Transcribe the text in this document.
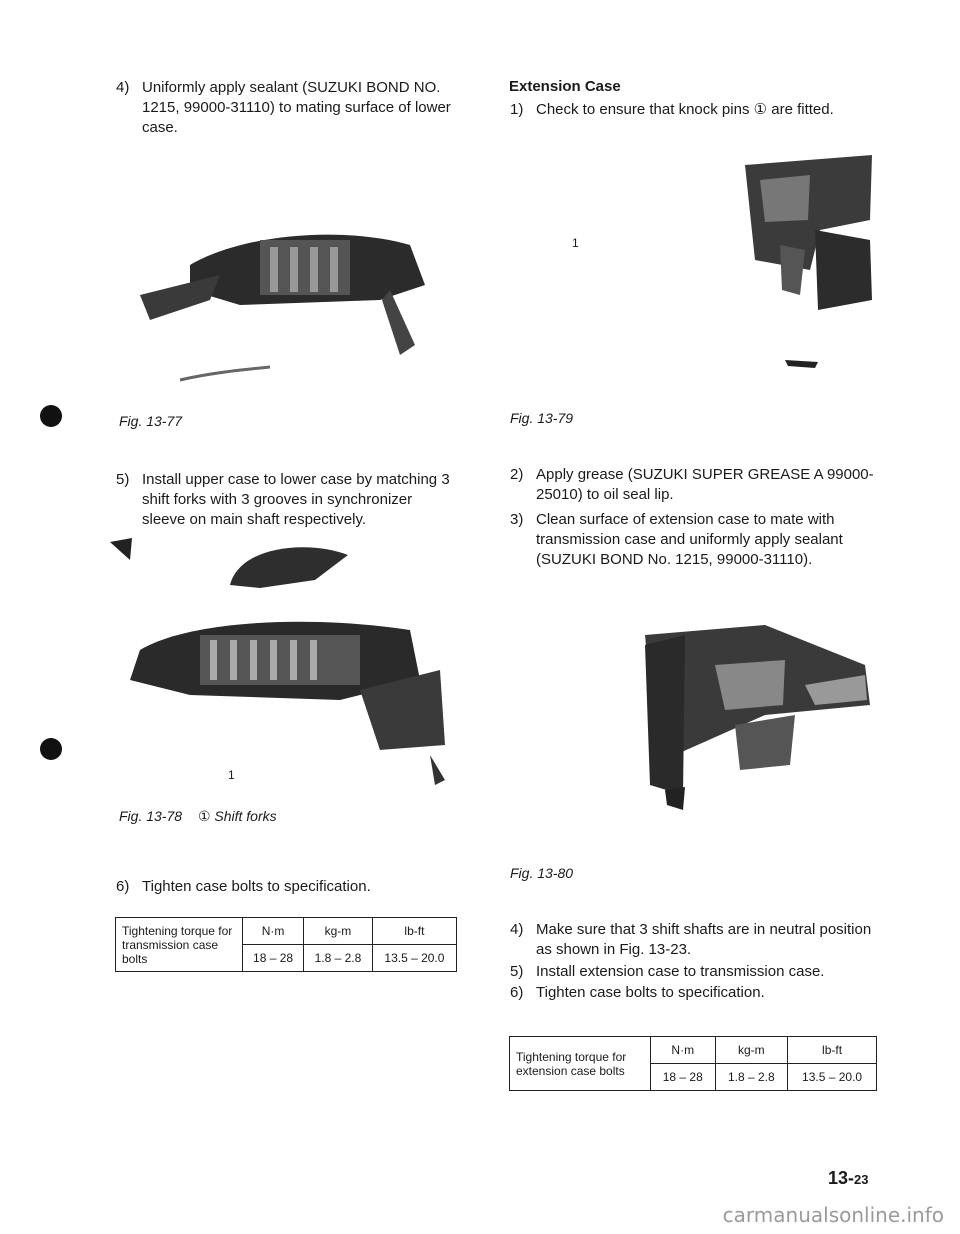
4) Uniformly apply sealant (SUZUKI BOND NO. 1215, 99000-31110) to mating surface of lower case.
Fig. 13-77
5) Install upper case to lower case by matching 3 shift forks with 3 grooves in synchronizer sleeve on main shaft respectively.
1
Fig. 13-78 ① Shift forks
6) Tighten case bolts to specification.
Tightening torque for transmission case bolts	N·m	kg-m	lb-ft
	18 – 28	1.8 – 2.8	13.5 – 20.0
Extension Case
1) Check to ensure that knock pins ① are fitted.
1
Fig. 13-79
2) Apply grease (SUZUKI SUPER GREASE A 99000-25010) to oil seal lip.
3) Clean surface of extension case to mate with transmission case and uniformly apply sealant (SUZUKI BOND No. 1215, 99000-31110).
Fig. 13-80
4) Make sure that 3 shift shafts are in neutral position as shown in Fig. 13-23.
5) Install extension case to transmission case.
6) Tighten case bolts to specification.
Tightening torque for extension case bolts	N·m	kg-m	lb-ft
	18 – 28	1.8 – 2.8	13.5 – 20.0
13-23
carmanualsonline.info
